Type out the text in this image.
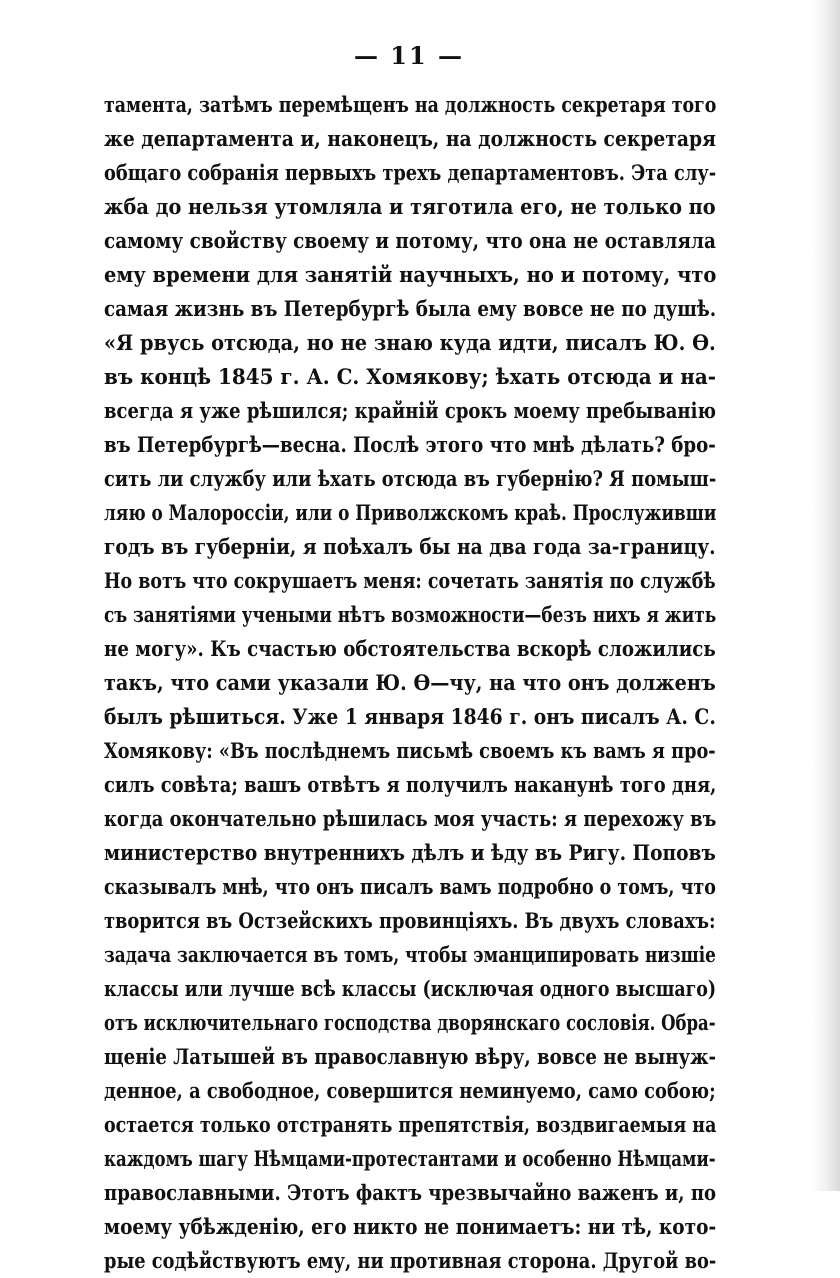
— 11 —
тамента, затѣмъ перемѣщенъ на должность секретаря того
же департамента и, наконецъ, на должность секретаря
общаго собранія первыхъ трехъ департаментовъ. Эта слу-
жба до нельзя утомляла и тяготила его, не только по
самому свойству своему и потому, что она не оставляла
ему времени для занятій научныхъ, но и потому, что
самая жизнь въ Петербургѣ была ему вовсе не по душѣ.
«Я рвусь отсюда, но не знаю куда идти, писалъ Ю. Ѳ.
въ концѣ 1845 г. А. С. Хомякову; ѣхать отсюда и на-
всегда я уже рѣшился; крайній срокъ моему пребыванію
въ Петербургѣ—весна. Послѣ этого что мнѣ дѣлать? бро-
сить ли службу или ѣхать отсюда въ губернію? Я помыш-
ляю о Малороссіи, или о Приволжскомъ краѣ. Прослуживши
годъ въ губерніи, я поѣхалъ бы на два года за-границу.
Но вотъ что сокрушаетъ меня: сочетать занятія по службѣ
съ занятіями учеными нѣтъ возможности—безъ нихъ я жить
не могу». Къ счастью обстоятельства вскорѣ сложились
такъ, что сами указали Ю. Ѳ—чу, на что онъ долженъ
былъ рѣшиться. Уже 1 января 1846 г. онъ писалъ А. С.
Хомякову: «Въ послѣднемъ письмѣ своемъ къ вамъ я про-
силъ совѣта; вашъ отвѣтъ я получилъ наканунѣ того дня,
когда окончательно рѣшилась моя участь: я перехожу въ
министерство внутреннихъ дѣлъ и ѣду въ Ригу. Поповъ
сказывалъ мнѣ, что онъ писалъ вамъ подробно о томъ, что
творится въ Остзейскихъ провинціяхъ. Въ двухъ словахъ:
задача заключается въ томъ, чтобы эманципировать низшіе
классы или лучше всѣ классы (исключая одного высшаго)
отъ исключительнаго господства дворянскаго сословія. Обра-
щеніе Латышей въ православную вѣру, вовсе не вынуж-
денное, а свободное, совершится неминуемо, само собою;
остается только отстранять препятствія, воздвигаемыя на
каждомъ шагу Нѣмцами-протестантами и особенно Нѣмцами-
православными. Этотъ фактъ чрезвычайно важенъ и, по
моему убѣжденію, его никто не понимаетъ: ни тѣ, кото-
рые содѣйствуютъ ему, ни противная сторона. Другой во-
